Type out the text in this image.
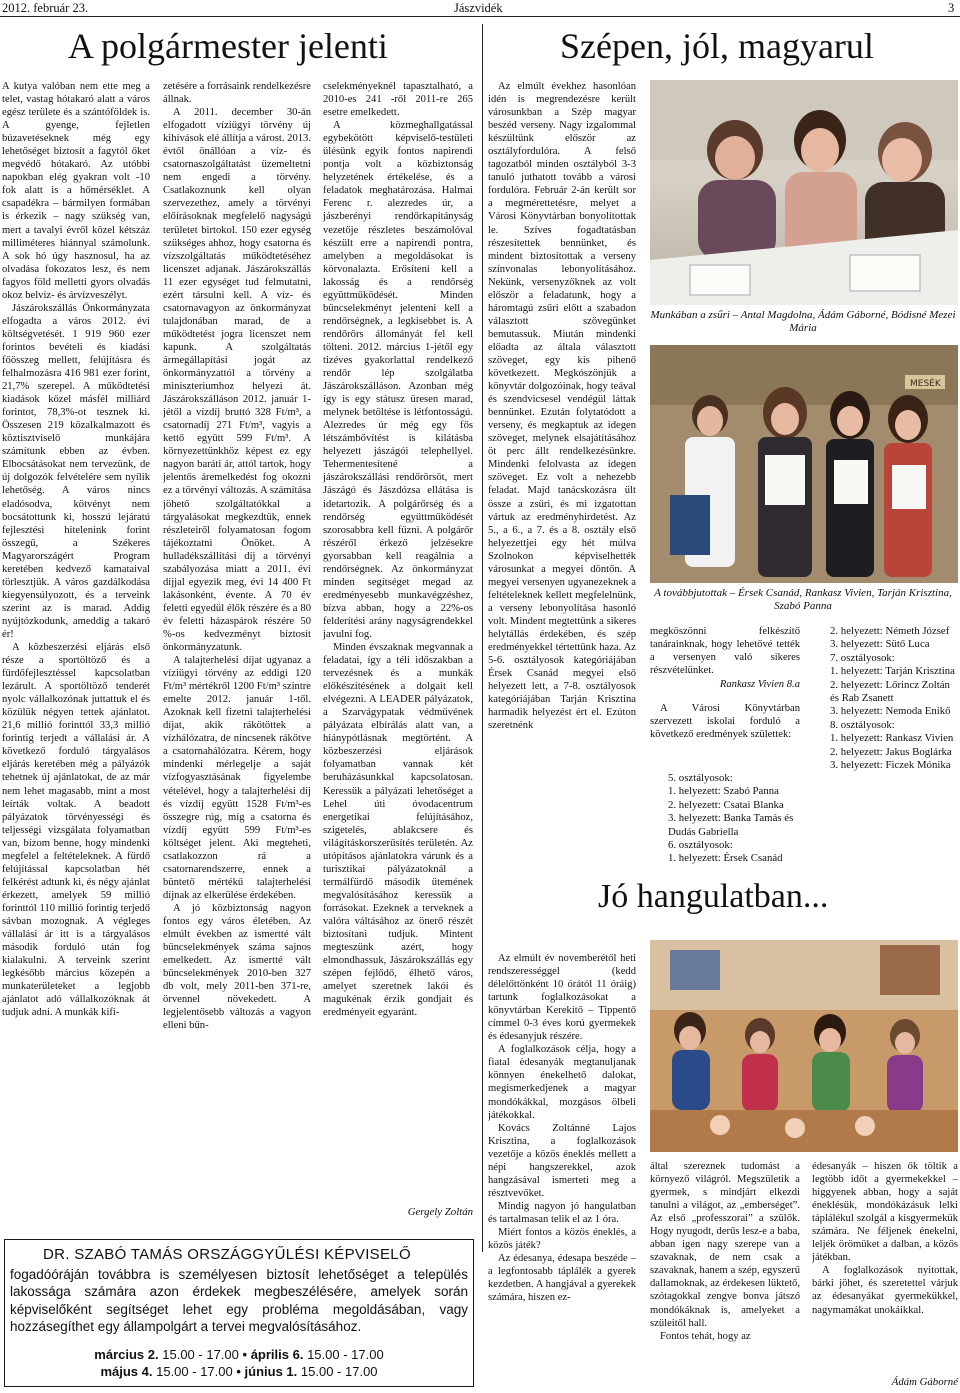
2012. február 23.	Jászvidék	3
A polgármester jelenti

A kutya valóban nem ette meg a telet, vastag hótakaró alatt a város egész területe és a szántóföldek is. A gyenge, fejletlen búzavetéseknek még egy lehetőséget biztosít a fagytól őket megvédő hótakaró. Az utóbbi napokban elég gyakran volt -10 fok alatt is a hőmérséklet. A csapadékra – bármilyen formában is érkezik – nagy szükség van, mert a tavalyi évről közel kétszáz milliméteres hiánnyal számolunk. A sok hó úgy hasznosul, ha az olvadása fokozatos lesz, és nem fagyos föld melletti gyors olvadás okoz belvíz- és árvízveszélyt.

Jászárokszállás Önkormányzata elfogadta a város 2012. évi költségvetését. 1 919 960 ezer forintos bevételi és kiadási főösszeg mellett, felújításra és felhalmozásra 416 981 ezer forint, 21,7% szerepel. A működtetési kiadások közel másfél milliárd forintot, 78,3%-ot tesznek ki. Összesen 219 közalkalmazott és köztisztviselő munkájára számítunk ebben az évben. Elbocsátásokat nem tervezünk, de új dolgozók felvételére sem nyílik lehetőség. A város nincs eladósodva, kötvényt nem bocsátottunk ki, hosszú lejáratú fejlesztési hitelenink forint összegű, a Székeres Magyarországért Program keretében kedvező kamataival törlesztjük. A város gazdálkodása kiegyensúlyozott, és a terveink szerint az is marad. Addig nyújtózkodunk, ameddig a takaró ér!

A közbeszerzési eljárás első része a sportöltöző és a fürdőfejlesztéssel kapcsolatban lezárult. A sportöltöző tenderét nyolc vállalkozónak juttattuk el és közülük négyen tettek ajánlatot. 21,6 millió forinttól 33,3 millió forintig terjedt a vállalási ár. A következő forduló tárgyalásos eljárás keretében még a pályázók tehetnek új ajánlatokat, de az már nem lehet magasabb, mint a most leírták voltak. A beadott pályázatok törvényességi és teljességi vizsgálata folyamatban van, bízom benne, hogy mindenki megfelel a feltételeknek. A fürdő felújítással kapcsolatban hét felkérést adtunk ki, és négy ajánlat érkezett, amelyek 59 millió forinttól 110 millió forintig terjedő sávban mozognak. A végleges vállalási ár itt is a tárgyalásos második forduló után fog kialakulni. A terveink szerint legkésőbb március közepén a munkaterületeket a legjobb ajánlatot adó vállalkozóknak át tudjuk adni. A munkák kifi-

zetésére a forrásaink rendelkezésre állnak.

A 2011. december 30-án elfogadott víziügyi törvény új kihívások elé állítja a várost. 2013. évtől önállóan a víz- és csatornaszolgáltatást üzemeltetni nem engedi a törvény. Csatlakoznunk kell olyan szervezethez, amely a törvényi előírásoknak megfelelő nagyságú területet birtokol. 150 ezer egység szükséges ahhoz, hogy csatorna és vízszolgáltatás működtetéséhez licenszet adjanak. Jászárokszállás 11 ezer egységet tud felmutatni, ezért társulni kell. A víz- és csatornavagyon az önkormányzat tulajdonában marad, de a működtetést jogra licenszet nem kapunk. A szolgáltatás ármegállapítási jogát az önkormányzattól a törvény a miniszteriumhoz helyezi át. Jászárokszálláson 2012. január 1-jétől a vízdíj bruttó 328 Ft/m³, a csatornadíj 271 Ft/m³, vagyis a kettő együtt 599 Ft/m³. A környezettünkhöz képest ez egy nagyon baráti ár, attól tartok, hogy jelentős áremelkedést fog okozni ez a törvényi változás. A számítása jöhető szolgáltatókkal a tárgyalásokat megkezdtük, ennek részleteiről folyamatosan fogom tájékoztatni Önöket. A hulladékszállítási díj a törvényi szabályozása miatt a 2011. évi díjjal egyezik meg, évi 14 400 Ft lakásonként, évente. A 70 év feletti egyedül élők részére és a 80 év feletti házaspárok részére 50 %-os kedvezményt biztosít önkormányzatunk.

A talajterhelési díjat ugyanaz a víziügyi törvény az eddigi 120 Ft/m³ mértékről 1200 Ft/m³ szintre emelte 2012. január 1-től. Azoknak kell fizetni talajterhelési díjat, akik rákötöttek a vízhálózatra, de nincsenek rákötve a csatornahálózatra. Kérem, hogy mindenki mérlegelje a saját vízfogyasztásának figyelembe vételével, hogy a talajterhelési díj és vízdíj együtt 1528 Ft/m³-es összegre rúg, míg a csatorna és vízdíj együtt 599 Ft/m³-es költséget jelent. Aki megteheti, csatlakozzon rá a csatornarendszerre, ennek a büntető mértékű talajterhelési díjnak az elkerülése érdekében.

A jó közbiztonság nagyon fontos egy város életében. Az elmúlt években az ismertté vált bűncselekmények száma sajnos emelkedett. Az ismertté vált bűncselekmények 2010-ben 327 db volt, mely 2011-ben 371-re, örvennel növekedett. A legjelentősebb változás a vagyon elleni bűn-

cselekményeknél tapasztalható, a 2010-es 241 -ről 2011-re 265 esetre emelkedett.

A közmeghallgatással egybekötött képviselő-testületi ülésünk egyik fontos napirendi pontja volt a közbiztonság helyzetének értékelése, és a feladatok meghatározása. Halmai Ferenc r. alezredes úr, a jászberényi rendőrkapitányság vezetője részletes beszámolóval készült erre a napirendi pontra, amelyben a megoldásokat is körvonalazta. Erősíteni kell a lakosság és a rendőrség együttműködését. Minden bűncselekményt jelenteni kell a rendőrségnek, a legkisebbet is. A rendőrörs állományát fel kell tölteni. 2012. március 1-jétől egy tizéves gyakorlattal rendelkező rendőr lép szolgálatba Jászárokszálláson. Azonban még így is egy státusz üresen marad, melynek betöltése is létfontosságú. Alezredes úr még egy fős létszámbővítést is kilátásba helyezett jászágói telephellyel. Tehermentesítené a jászárokszállási rendőrörsöt, mert Jászágó és Jászdózsa ellátása is idetartozik. A polgárőrség és a rendőrség együttműködését szorosabbra kell fűzni. A polgárőr részéről érkező jelzésekre gyorsabban kell reagálnia a rendőrségnek. Az önkormányzat minden segítséget megad az eredményesebb munkavégzéshez, bízva abban, hogy a 22%-os felderítési arány nagyságrendekkel javulni fog.

Minden évszaknak megvannak a feladatai, így a téli időszakban a tervezésnek és a munkák előkészítésének a dolgait kell elvégezni. A LEADER pályázatok, a Szarvágypatak védművének pályázata elbírálás alatt van, a hiánypótlásnak megtörtént. A közbeszerzési eljárások folyamatban vannak két beruházásunkkal kapcsolatosan. Keressük a pályázati lehetőséget a Lehel úti óvodacentrum energetikai felújításához, szigetelés, ablakcsere és világításkorszerűsítés területén. Az utópításos ajánlatokra várunk és a turisztikai pályázatoknál a termálfürdő második ütemének megvalósításához keressük a forrásokat. Ezeknek a terveknek a valóra váltásához az önerő részét biztosítani tudjuk. Mintent megteszünk azért, hogy elmondhassuk, Jászárokszállás egy szépen fejlődő, élhető város, amelyet szeretnek lakói és magukénak érzik gondjait és eredményeit egyaránt.

Gergely Zoltán
DR. SZABÓ TAMÁS ORSZÁGGYŰLÉSI KÉPVISELŐ
fogadóóráján továbbra is személyesen biztosít lehetőséget a település lakossága számára azon érdekek megbeszélésére, amelyek során képviselőként segítséget lehet egy probléma megoldásában, vagy hozzásegíthet egy állampolgárt a tervei megvalósításához.
március 2. 15.00 - 17.00 • április 6. 15.00 - 17.00
május 4. 15.00 - 17.00 • június 1. 15.00 - 17.00
Szépen, jól, magyarul

Az elmúlt évekhez hasonlóan idén is megrendezésre került városunkban a Szép magyar beszéd verseny. Nagy izgalommal készültünk először az osztályfordulóra. A felső tagozatból minden osztályból 3-3 tanuló juthatott tovább a városi fordulóra. Február 2-án került sor a megmérettetésre, melyet a Városi Könyvtárban bonyolítottak le. Szíves fogadtatásban részesítettek bennünket, és mindent biztosítottak a verseny színvonalas lebonyolításához. Nekünk, versenyzőknek az volt először a feladatunk, hogy a háromtagú zsűri előtt a szabadon választott szövegünket bemutassuk. Miután mindenki előadta az általa választott szöveget, egy kis pihenő következett. Megkószönjük a könyvtár dolgozóinak, hogy teával és szendvicsesel vendégül láttak bennünket. Ezután folytatódott a verseny, és megkaptuk az idegen szöveget, melynek elsajátításához öt perc állt rendelkezésünkre. Mindenki felolvasta az idegen szöveget. Ez volt a nehezebb feladat. Majd tanácskozásra ült össze a zsűri, és mi izgatottan vártuk az eredményhirdetést. Az 5., a 6., a 7. és a 8. osztály első helyezettjei egy hét múlva Szolnokon képviselhették városunkat a megyei döntőn. A megyei versenyen ugyanezeknek a feltételeknek kellett megfelelnünk, a verseny lebonyolítása hasonló volt. Mindent megtettünk a sikeres helytállás érdekében, és szép eredményekkel tértettünk haza. Az 5-6. osztályosok kategóriájában Érsek Csanád megyei első helyezett lett, a 7-8. osztályosok kategóriájában Tarján Krisztina harmadik helyezést ért el. Ezúton szeretnénk

Munkában a zsűri – Antal Magdolna, Ádám Gáborné, Bódisné Mezei Mária
MESÉK
A továbbjutottak – Érsek Csanád, Rankasz Vivien, Tarján Krisztina, Szabó Panna

megköszönni felkészítő tanárainknak, hogy lehetővé tették a versenyen való sikeres részvételünket.

Rankasz Vivien 8.a

A Városi Könyvtárban szervezett iskolai forduló a következő eredmények születtek:

5. osztályosok:
1. helyezett: Szabó Panna
2. helyezett: Csatai Blanka
3. helyezett: Banka Tamás és Dudás Gabriella
6. osztályosok:
1. helyezett: Érsek Csanád
2. helyezett: Németh József
3. helyezett: Sütő Luca
7. osztályosok:
1. helyezett: Tarján Krisztina
2. helyezett: Lőrincz Zoltán és Rab Zsanett
3. helyezett: Nemoda Enikő
8. osztályosok:
1. helyezett: Rankasz Vivien
2. helyezett: Jakus Boglárka
3. helyezett: Ficzek Mónika
Jó hangulatban...

Az elmúlt év novemberétől heti rendszerességgel (kedd délelőttönként 10 órától 11 óráig) tartunk foglalkozásokat a könyvtárban Kerekítő – Tippentő címmel 0-3 éves korú gyermekek és édesanyjuk részére.

A foglalkozások célja, hogy a fiatal édesanyák megtanuljanak könnyen énekelhető dalokat, megismerkedjenek a magyar mondókákkal, mozgásos ölbeli játékokkal.

Kovács Zoltánné Lajos Krisztina, a foglalkozások vezetője a közös éneklés mellett a népi hangszerekkel, azok hangzásával ismerteti meg a résztvevőket.

Mindig nagyon jó hangulatban és tartalmasan telik el az 1 óra.

Miért fontos a közös éneklés, a közös játék?

Az édesanya, édesapa beszéde – a legfontosabb táplálék a gyerek kezdetben. A hangjával a gyerekek számára, hiszen ez-

által szereznek tudomást a környező világról. Megszületik a gyermek, s mindjárt elkezdi tanulni a világot, az „emberséget”. Az első „professzorai” a szülők. Hogy nyugodt, derűs lesz-e a baba, abban igen nagy szerepe van a szavaknak, de nem csak a szavaknak, hanem a szép, egyszerű dallamoknak, az érdekesen lüktető, szótagokkal zengve bonva játszó mondókáknak is, amelyeket a szüleitől hall.

Fontos tehát, hogy az

édesanyák – hiszen ők töltik a legtöbb időt a gyermekekkel – higgyenek abban, hogy a saját éneklésük, mondókázásuk lelki táplálékul szolgál a kisgyermekük számára. Ne féljenek énekelni, leljék örömüket a dalban, a közös játékban.

A foglalkozások nyitottak, bárki jöhet, és szeretettel várjuk az édesanyákat gyermekükkel, nagymamákat unokáikkal.

Ádám Gáborné
